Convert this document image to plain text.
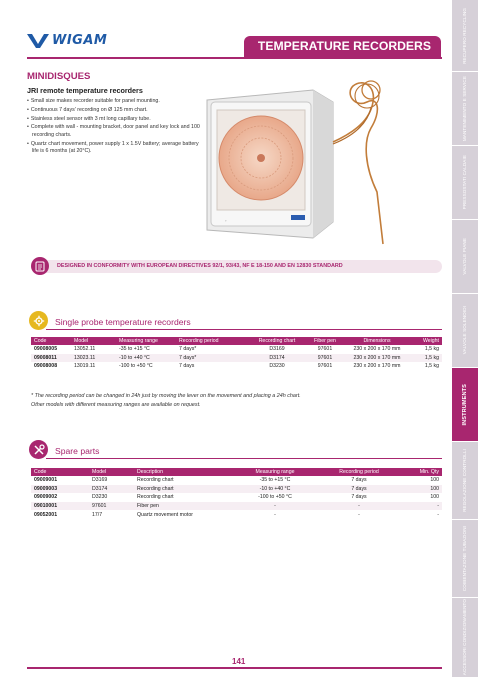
RECUPERO RECYCLING
MANTENIMENTO E SERVICE
PRESSOSTATI CALDAIE
VALVOLE PIANE
VALVOLE SOLENOIDI
INSTRUMENTS
REGOLAZIONE CONTROLLI
COIBENTAZIONE TUBAZIONI
ACCESSORI CONDIZIONAMENTO
WIGAM	TEMPERATURE RECORDERS
MINIDISQUES
JRI remote temperature recorders
• Small size makes recorder suitable for panel mounting.
• Continuous 7 days' recording on Ø 125 mm chart.
• Stainless steel sensor with 3 mt long capillary tube.
• Complete with wall - mounting bracket, door panel and key lock and 100 recording charts.
• Quartz chart movement, power supply 1 x 1.5V battery; average battery life is 6 months (at 20°C).
◦
DESIGNED IN CONFORMITY WITH EUROPEAN DIRECTIVES 92/1, 93/43, NF E 18-150 AND EN 12830 STANDARD
Single probe temperature recorders
Code	Model	Measuring range	Recording period	Recording chart	Fiber pen	Dimensions	Weight
09008005	13052.11	-35 to +15 °C	7 days*	D3169	97601	230 x 200 x 170 mm	1,5 kg
09008011	13023.11	-10 to +40 °C	7 days*	D3174	97601	230 x 200 x 170 mm	1,5 kg
09008008	13019.11	-100 to +50 °C	7 days	D3230	97601	230 x 200 x 170 mm	1,5 kg
* The recording period can be changed in 24h just by moving the lever on the movement and placing a 24h chart.
Other models with different measuring ranges are available on request.
Spare parts
Code	Model	Description	Measuring range	Recording period	Min. Qty
09009001	D3169	Recording chart	-35 to +15 °C	7 days	100
09009003	D3174	Recording chart	-10 to +40 °C	7 days	100
09009002	D3230	Recording chart	-100 to +50 °C	7 days	100
09010001	97601	Fiber pen	-	-	-
09052001	17/7	Quartz movement motor	-	-	-
141
